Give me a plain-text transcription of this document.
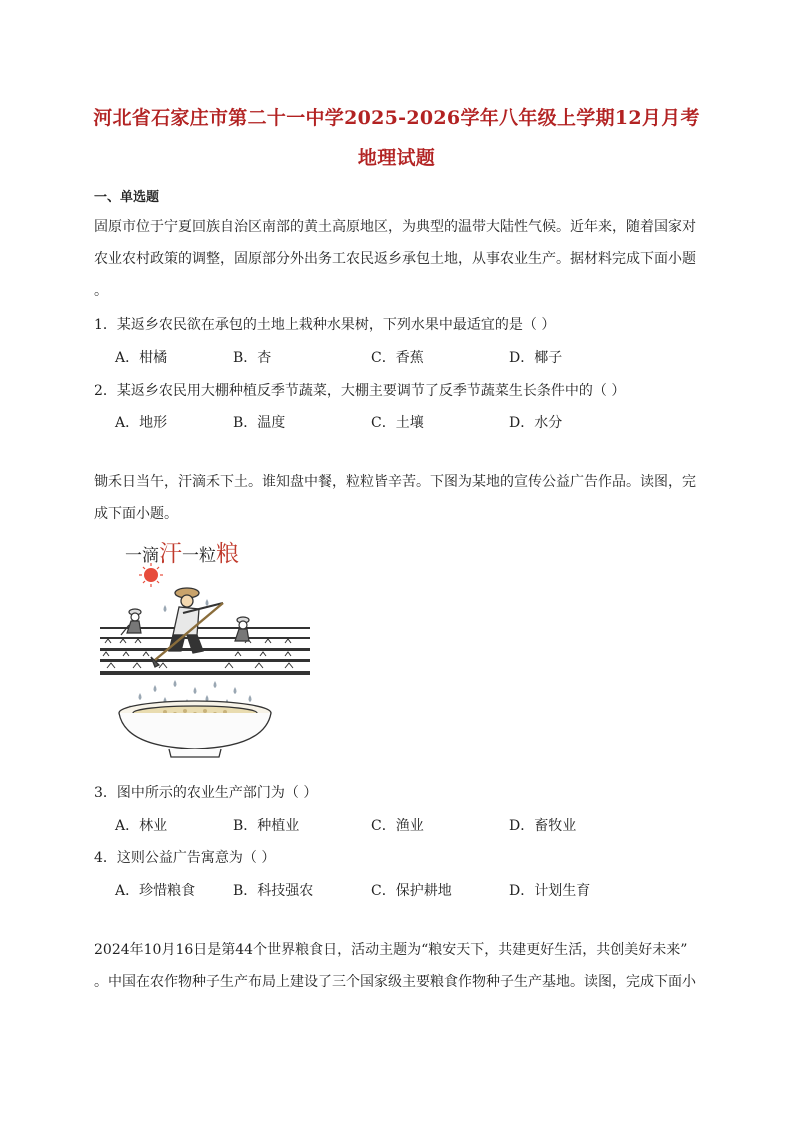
河北省石家庄市第二十一中学2025-2026学年八年级上学期12月月考
地理试题
一、单选题
固原市位于宁夏回族自治区南部的黄土高原地区，为典型的温带大陆性气候。近年来，随着国家对
农业农村政策的调整，固原部分外出务工农民返乡承包土地，从事农业生产。据材料完成下面小题
。
1．某返乡农民欲在承包的土地上栽种水果树，下列水果中最适宜的是（ ）
A．柑橘	B．杏	C．香蕉	D．椰子
2．某返乡农民用大棚种植反季节蔬菜，大棚主要调节了反季节蔬菜生长条件中的（ ）
A．地形	B．温度	C．土壤	D．水分
锄禾日当午，汗滴禾下土。谁知盘中餐，粒粒皆辛苦。下图为某地的宣传公益广告作品。读图，完
成下面小题。
一滴汗一粒粮
3．图中所示的农业生产部门为（ ）
A．林业	B．种植业	C．渔业	D．畜牧业
4．这则公益广告寓意为（ ）
A．珍惜粮食	B．科技强农	C．保护耕地	D．计划生育
2024年10月16日是第44个世界粮食日，活动主题为“粮安天下，共建更好生活，共创美好未来”
。中国在农作物种子生产布局上建设了三个国家级主要粮食作物种子生产基地。读图，完成下面小
